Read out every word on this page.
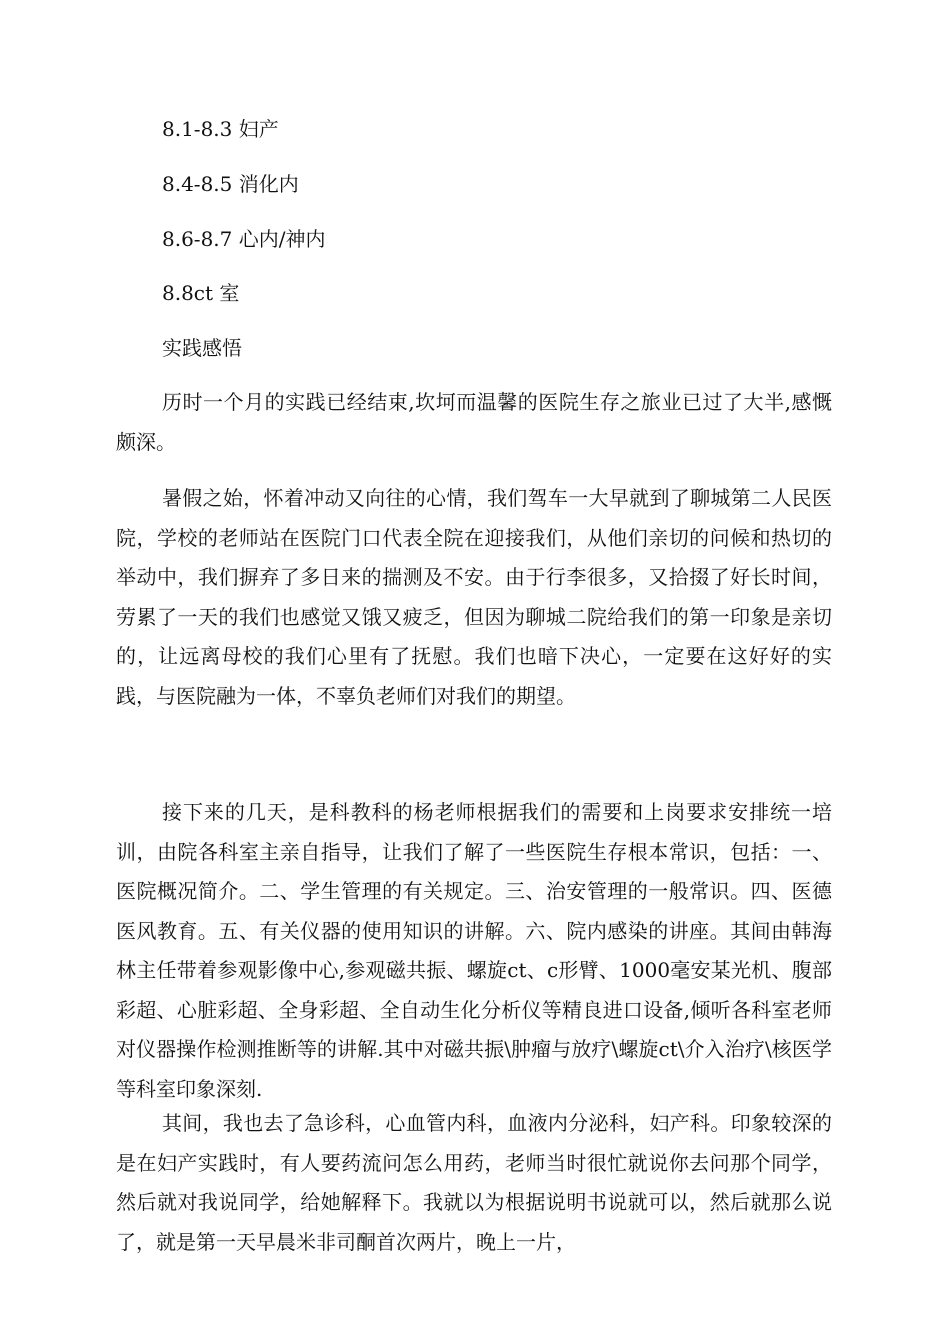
8.1-8.3 妇产
8.4-8.5 消化内
8.6-8.7 心内/神内
8.8ct 室
实践感悟

历时一个月的实践已经结束,坎坷而温馨的医院生存之旅业已过了大半,感慨颇深。

暑假之始，怀着冲动又向往的心情，我们驾车一大早就到了聊城第二人民医院，学校的老师站在医院门口代表全院在迎接我们，从他们亲切的问候和热切的举动中，我们摒弃了多日来的揣测及不安。由于行李很多，又拾掇了好长时间，劳累了一天的我们也感觉又饿又疲乏，但因为聊城二院给我们的第一印象是亲切的，让远离母校的我们心里有了抚慰。我们也暗下决心，一定要在这好好的实践，与医院融为一体，不辜负老师们对我们的期望。

接下来的几天，是科教科的杨老师根据我们的需要和上岗要求安排统一培训，由院各科室主亲自指导，让我们了解了一些医院生存根本常识，包括：一、医院概况简介。二、学生管理的有关规定。三、治安管理的一般常识。四、医德医风教育。五、有关仪器的使用知识的讲解。六、院内感染的讲座。其间由韩海林主任带着参观影像中心,参观磁共振、螺旋ct、c形臂、1000毫安某光机、腹部彩超、心脏彩超、全身彩超、全自动生化分析仪等精良进口设备,倾听各科室老师对仪器操作检测推断等的讲解.其中对磁共振\肿瘤与放疗\螺旋ct\介入治疗\核医学等科室印象深刻.

其间，我也去了急诊科，心血管内科，血液内分泌科，妇产科。印象较深的是在妇产实践时，有人要药流问怎么用药，老师当时很忙就说你去问那个同学，然后就对我说同学，给她解释下。我就以为根据说明书说就可以，然后就那么说了，就是第一天早晨米非司酮首次两片，晚上一片，
